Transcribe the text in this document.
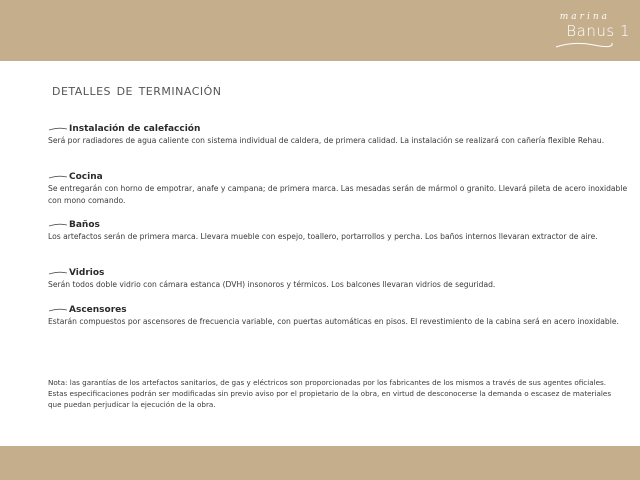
marina
Banus 1
detalles de terminación
Instalación de calefacción
Será por radiadores de agua caliente con sistema individual de caldera, de primera calidad. La instalación se realizará con cañería flexible Rehau.
Cocina
Se entregarán con horno de empotrar, anafe y campana; de primera marca. Las mesadas serán de mármol o granito. Llevará pileta de acero inoxidable con mono comando.
Baños
Los artefactos serán de primera marca. Llevara mueble con espejo, toallero, portarrollos y percha. Los baños internos llevaran extractor de aire.
Vidrios
Serán todos doble vidrio con cámara estanca (DVH) insonoros y térmicos. Los balcones llevaran vidrios de seguridad.
Ascensores
Estarán compuestos por ascensores de frecuencia variable, con puertas automáticas en pisos. El revestimiento de la cabina será en acero inoxidable.
Nota: las garantías de los artefactos sanitarios, de gas y eléctricos son proporcionadas por los fabricantes de los mismos a través de sus agentes oficiales. Estas especificaciones podrán ser modificadas sin previo aviso por el propietario de la obra, en virtud de desconocerse la demanda o escasez de materiales que puedan perjudicar la ejecución de la obra.
